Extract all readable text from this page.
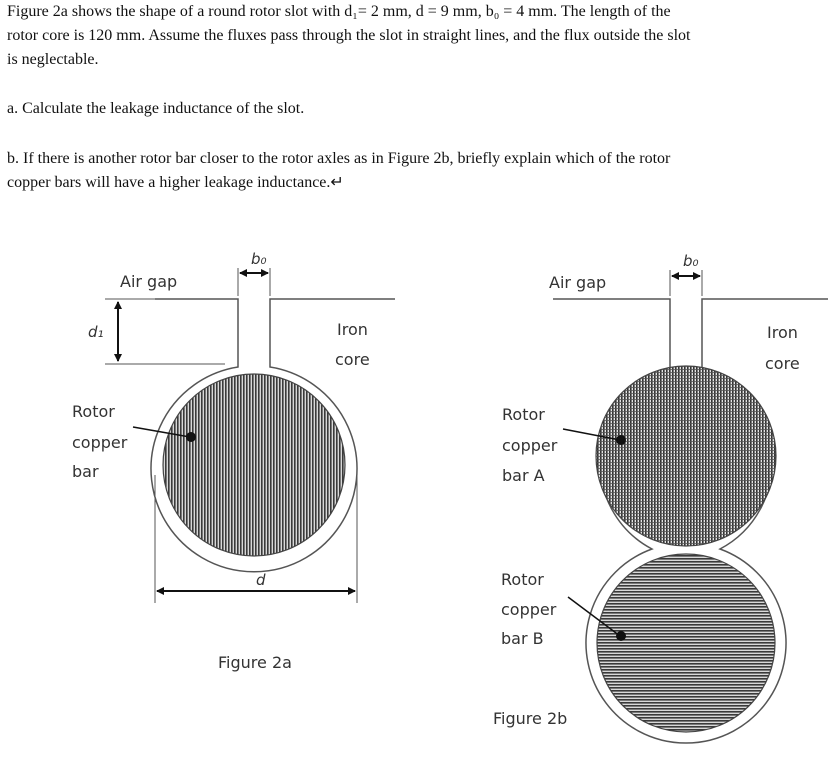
Figure 2a shows the shape of a round rotor slot with d₁= 2 mm, d = 9 mm, b₀ = 4 mm. The length of the
rotor core is 120 mm. Assume the fluxes pass through the slot in straight lines, and the flux outside the slot
is neglectable.
a. Calculate the leakage inductance of the slot.
b. If there is another rotor bar closer to the rotor axles as in Figure 2b, briefly explain which of the rotor
copper bars will have a higher leakage inductance.↵
Air gap
b₀
d₁
d
Iron
core
Rotor
copper
bar
Figure 2a
Air gap
b₀
Iron
core
Rotor
copper
bar A
Rotor
copper
bar B
Figure 2b
